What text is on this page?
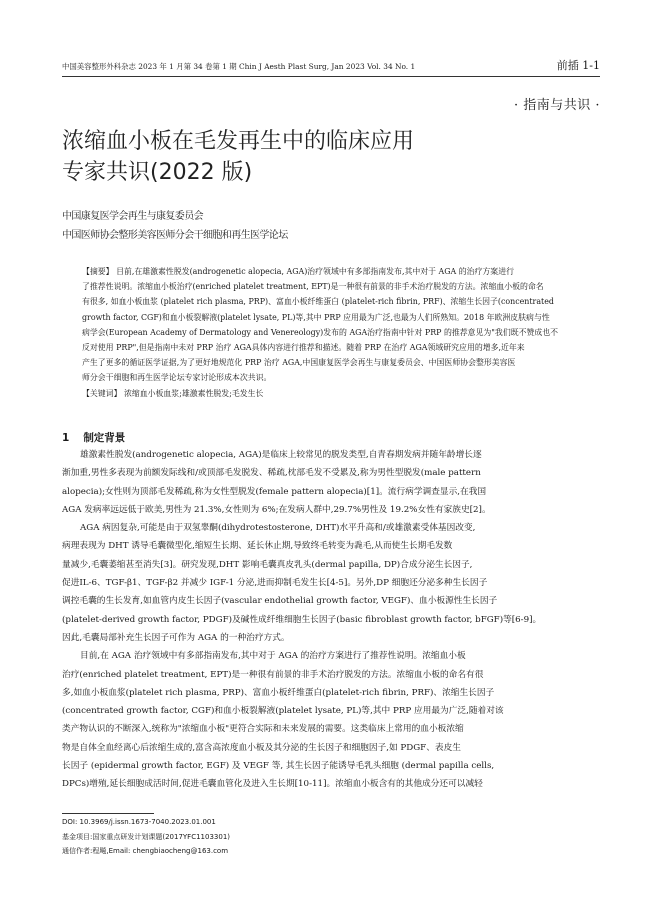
中国美容整形外科杂志 2023 年 1 月第 34 卷第 1 期 Chin J Aesth Plast Surg, Jan 2023 Vol. 34 No. 1	前插 1-1
· 指南与共识 ·
浓缩血小板在毛发再生中的临床应用
专家共识(2022 版)
中国康复医学会再生与康复委员会
中国医师协会整形美容医师分会干细胞和再生医学论坛
【摘要】 目前,在雄激素性脱发(androgenetic alopecia, AGA)治疗领域中有多部指南发布,其中对于 AGA 的治疗方案进行
了推荐性说明。浓缩血小板治疗(enriched platelet treatment, EPT)是一种很有前景的非手术治疗脱发的方法。浓缩血小板的命名
有很多, 如血小板血浆 (platelet rich plasma, PRP)、富血小板纤维蛋白 (platelet-rich fibrin, PRF)、浓缩生长因子(concentrated
growth factor, CGF)和血小板裂解液(platelet lysate, PL)等,其中 PRP 应用最为广泛,也最为人们所熟知。2018 年欧洲皮肤病与性
病学会(European Academy of Dermatology and Venereology)发布的 AGA治疗指南中针对 PRP 的推荐意见为"我们既不赞成也不
反对使用 PRP",但是指南中未对 PRP 治疗 AGA具体内容进行推荐和描述。随着 PRP 在治疗 AGA领域研究应用的增多,近年来
产生了更多的循证医学证据,为了更好地规范化 PRP 治疗 AGA,中国康复医学会再生与康复委员会、中国医师协会整形美容医
师分会干细胞和再生医学论坛专家讨论形成本次共识。
【关键词】 浓缩血小板血浆;雄激素性脱发;毛发生长
1 制定背景
雄激素性脱发(androgenetic alopecia, AGA)是临床上较常见的脱发类型,自青春期发病并随年龄增长逐
渐加重,男性多表现为前额发际线和/或顶部毛发脱发、稀疏,枕部毛发不受累及,称为男性型脱发(male pattern
alopecia);女性则为顶部毛发稀疏,称为女性型脱发(female pattern alopecia)[1]。流行病学调查显示,在我国
AGA 发病率远远低于欧美,男性为 21.3%,女性则为 6%;在发病人群中,29.7%男性及 19.2%女性有家族史[2]。
AGA 病因复杂,可能是由于双氢睾酮(dihydrotestosterone, DHT)水平升高和/或雄激素受体基因改变,
病理表现为 DHT 诱导毛囊微型化,缩短生长期、延长休止期,导致终毛转变为毳毛,从而使生长期毛发数
量减少,毛囊萎缩甚至消失[3]。研究发现,DHT 影响毛囊真皮乳头(dermal papilla, DP)合成分泌生长因子,
促进IL-6、TGF-β1、TGF-β2 并减少 IGF-1 分泌,进而抑制毛发生长[4-5]。另外,DP 细胞还分泌多种生长因子
调控毛囊的生长发育,如血管内皮生长因子(vascular endothelial growth factor, VEGF)、血小板源性生长因子
(platelet-derived growth factor, PDGF)及碱性成纤维细胞生长因子(basic fibroblast growth factor, bFGF)等[6-9]。
因此,毛囊局部补充生长因子可作为 AGA 的一种治疗方式。
目前,在 AGA 治疗领域中有多部指南发布,其中对于 AGA 的治疗方案进行了推荐性说明。浓缩血小板
治疗(enriched platelet treatment, EPT)是一种很有前景的非手术治疗脱发的方法。浓缩血小板的命名有很
多,如血小板血浆(platelet rich plasma, PRP)、富血小板纤维蛋白(platelet-rich fibrin, PRF)、浓缩生长因子
(concentrated growth factor, CGF)和血小板裂解液(platelet lysate, PL)等,其中 PRP 应用最为广泛,随着对该
类产物认识的不断深入,统称为"浓缩血小板"更符合实际和未来发展的需要。这类临床上常用的血小板浓缩
物是自体全血经离心后浓缩生成的,富含高浓度血小板及其分泌的生长因子和细胞因子,如 PDGF、表皮生
长因子 (epidermal growth factor, EGF) 及 VEGF 等, 其生长因子能诱导毛乳头细胞 (dermal papilla cells,
DPCs)增殖,延长细胞成活时间,促进毛囊血管化及进入生长期[10-11]。浓缩血小板含有的其他成分还可以减轻
DOI: 10.3969/j.issn.1673-7040.2023.01.001
基金项目:国家重点研发计划课题(2017YFC1103301)
通信作者:程飚,Email: chengbiaocheng@163.com
